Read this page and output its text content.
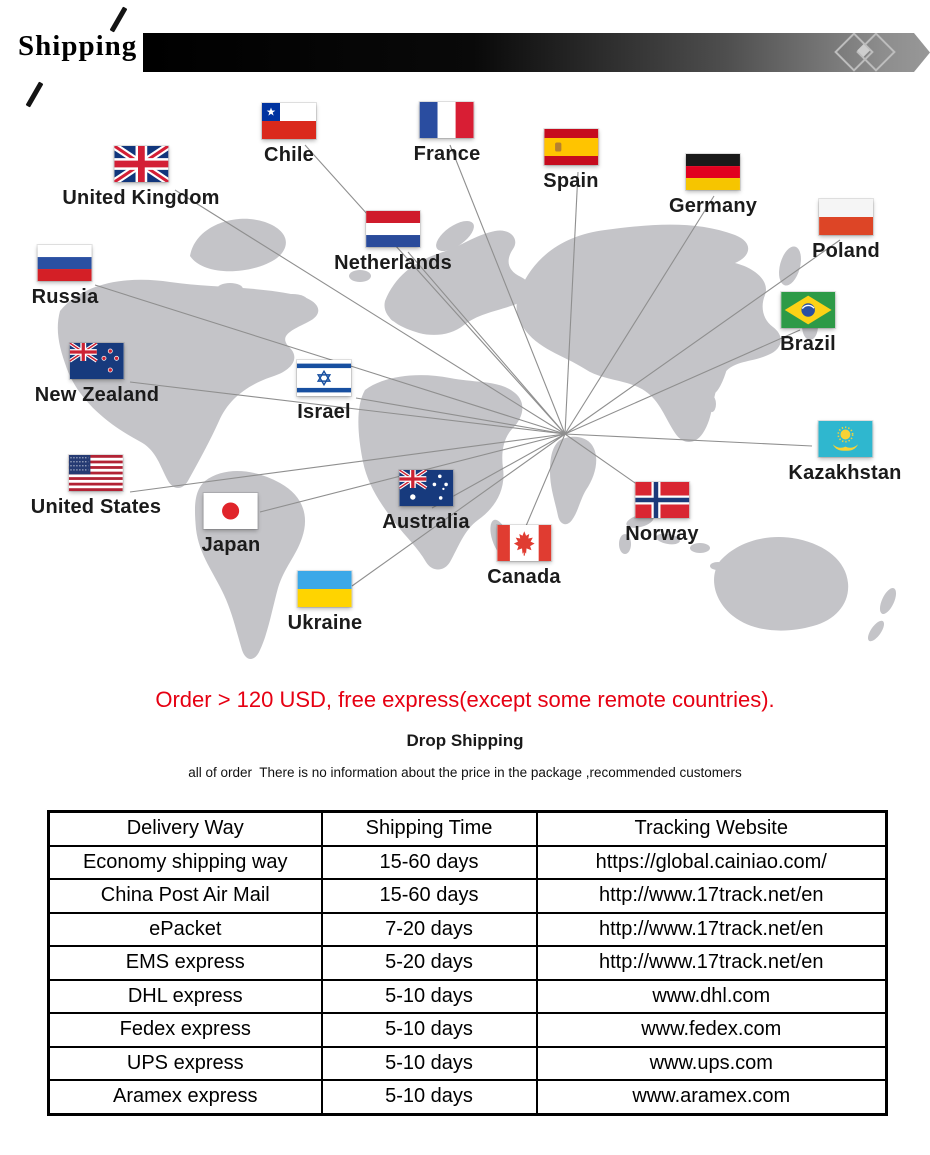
Shipping
United Kingdom
Chile	France
Spain
Germany
Poland
Netherlands
Russia
Brazil
New Zealand
Israel
Kazakhstan
United States
Japan
Australia
Norway
Canada
Ukraine
Order > 120 USD, free express(except some remote countries).
Drop Shipping
all of order  There is no information about the price in the package ,recommended customers
Delivery Way	Shipping Time	Tracking Website
Economy shipping way	15-60 days	https://global.cainiao.com/
China Post Air Mail	15-60 days	http://www.17track.net/en
ePacket	7-20 days	http://www.17track.net/en
EMS express	5-20 days	http://www.17track.net/en
DHL express	5-10 days	www.dhl.com
Fedex express	5-10 days	www.fedex.com
UPS express	5-10 days	www.ups.com
Aramex express	5-10 days	www.aramex.com
